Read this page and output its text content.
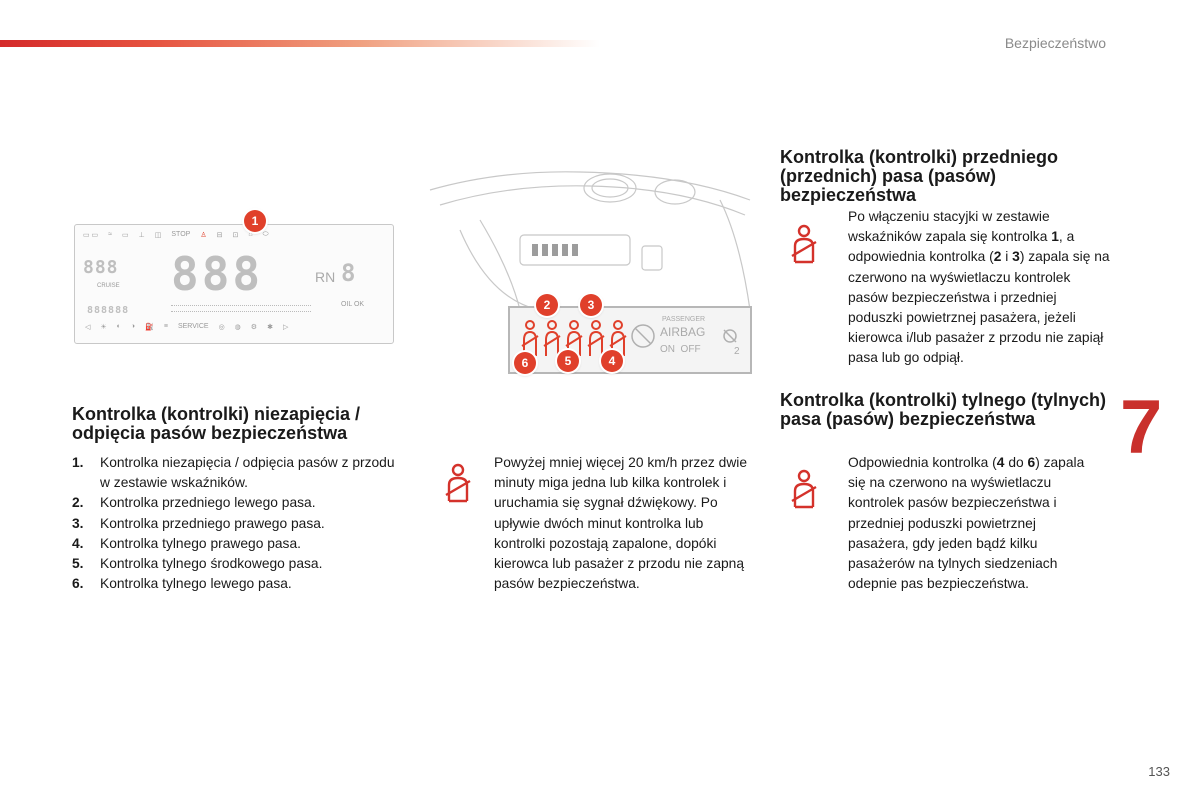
Bezpieczeństwo
7
133
▭ ▭ ≈ ▭ ⊥ ◫ STOP ♙ ⊟ ⊡ ⌂ ⬭
888
CRUISE 888	RN 8
OIL OK
888888
◁ ☀ ◐ ◑ ⛽ ≡ SERVICE ◎ ◍ ⚙ ✱ ▷
1
PASSENGER
AIRBAG
ON  OFF	2
2	3
4
5
6
Kontrolka (kontrolki) niezapięcia / odpięcia pasów bezpieczeństwa
1. Kontrolka niezapięcia / odpięcia pasów z przodu w zestawie wskaźników.
2. Kontrolka przedniego lewego pasa.
3. Kontrolka przedniego prawego pasa.
4. Kontrolka tylnego prawego pasa.
5. Kontrolka tylnego środkowego pasa.
6. Kontrolka tylnego lewego pasa.
Powyżej mniej więcej 20 km/h przez dwie minuty miga jedna lub kilka kontrolek i uruchamia się sygnał dźwiękowy. Po upływie dwóch minut kontrolka lub kontrolki pozostają zapalone, dopóki kierowca lub pasażer z przodu nie zapną pasów bezpieczeństwa.
Kontrolka (kontrolki) przedniego (przednich) pasa (pasów) bezpieczeństwa
Po włączeniu stacyjki w zestawie wskaźników zapala się kontrolka 1, a odpowiednia kontrolka (2 i 3) zapala się na czerwono na wyświetlaczu kontrolek pasów bezpieczeństwa i przedniej poduszki powietrznej pasażera, jeżeli kierowca i/lub pasażer z przodu nie zapiął pasa lub go odpiął.
Kontrolka (kontrolki) tylnego (tylnych) pasa (pasów) bezpieczeństwa
Odpowiednia kontrolka (4 do 6) zapala się na czerwono na wyświetlaczu kontrolek pasów bezpieczeństwa i przedniej poduszki powietrznej pasażera, gdy jeden bądź kilku pasażerów na tylnych siedzeniach odepnie pas bezpieczeństwa.
